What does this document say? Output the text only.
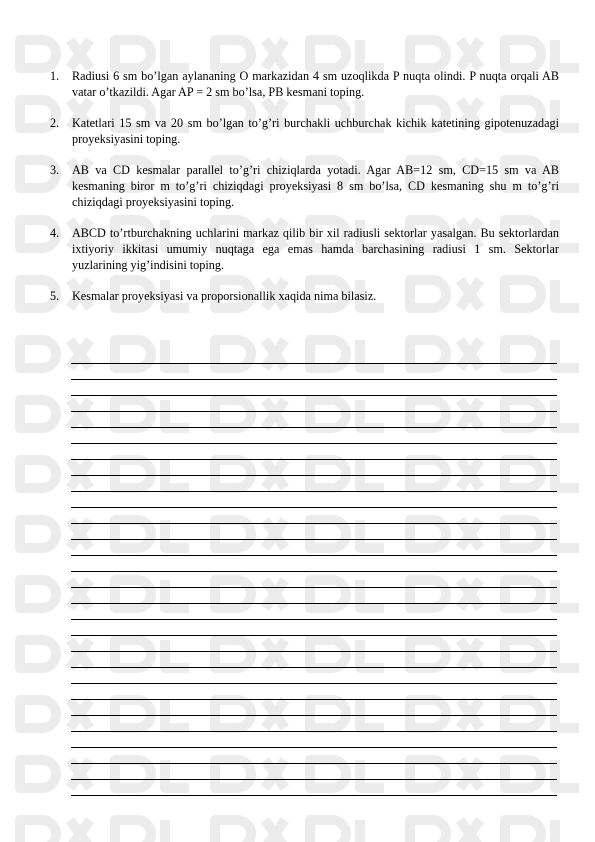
1. Radiusi 6 sm bo’lgan aylananing O markazidan 4 sm uzoqlikda P nuqta olindi. P nuqta orqali AB vatar o’tkazildi. Agar AP = 2 sm bo’lsa, PB kesmani toping.
2. Katetlari 15 sm va 20 sm bo’lgan to’g’ri burchakli uchburchak kichik katetining gipotenuzadagi proyeksiyasini toping.
3. AB va CD kesmalar parallel to’g’ri chiziqlarda yotadi. Agar AB=12 sm, CD=15 sm va AB kesmaning biror m to’g’ri chiziqdagi proyeksiyasi 8 sm bo’lsa, CD kesmaning shu m to’g’ri chiziqdagi proyeksiyasini toping.
4. ABCD to’rtburchakning uchlarini markaz qilib bir xil radiusli sektorlar yasalgan. Bu sektorlardan ixtiyoriy ikkitasi umumiy nuqtaga ega emas hamda barchasining radiusi 1 sm. Sektorlar yuzlarining yig’indisini toping.
5. Kesmalar proyeksiyasi va proporsionallik xaqida nima bilasiz.
